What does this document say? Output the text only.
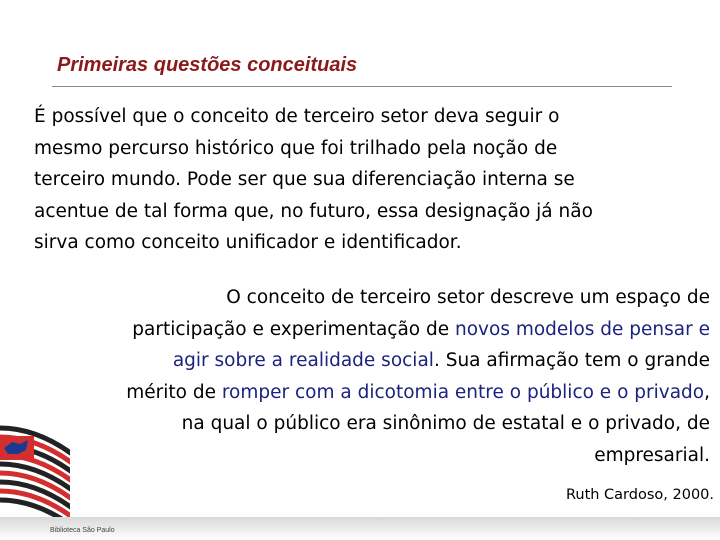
Primeiras questões conceituais
É possível que o conceito de terceiro setor deva seguir o
mesmo percurso histórico que foi trilhado pela noção de
terceiro mundo. Pode ser que sua diferenciação interna se
acentue de tal forma que, no futuro, essa designação já não
sirva como conceito unificador e identificador.
O conceito de terceiro setor descreve um espaço de
participação e experimentação de novos modelos de pensar e
agir sobre a realidade social. Sua afirmação tem o grande
mérito de romper com a dicotomia entre o público e o privado,
na qual o público era sinônimo de estatal e o privado, de
empresarial.
Ruth Cardoso, 2000.
Biblioteca São Paulo
